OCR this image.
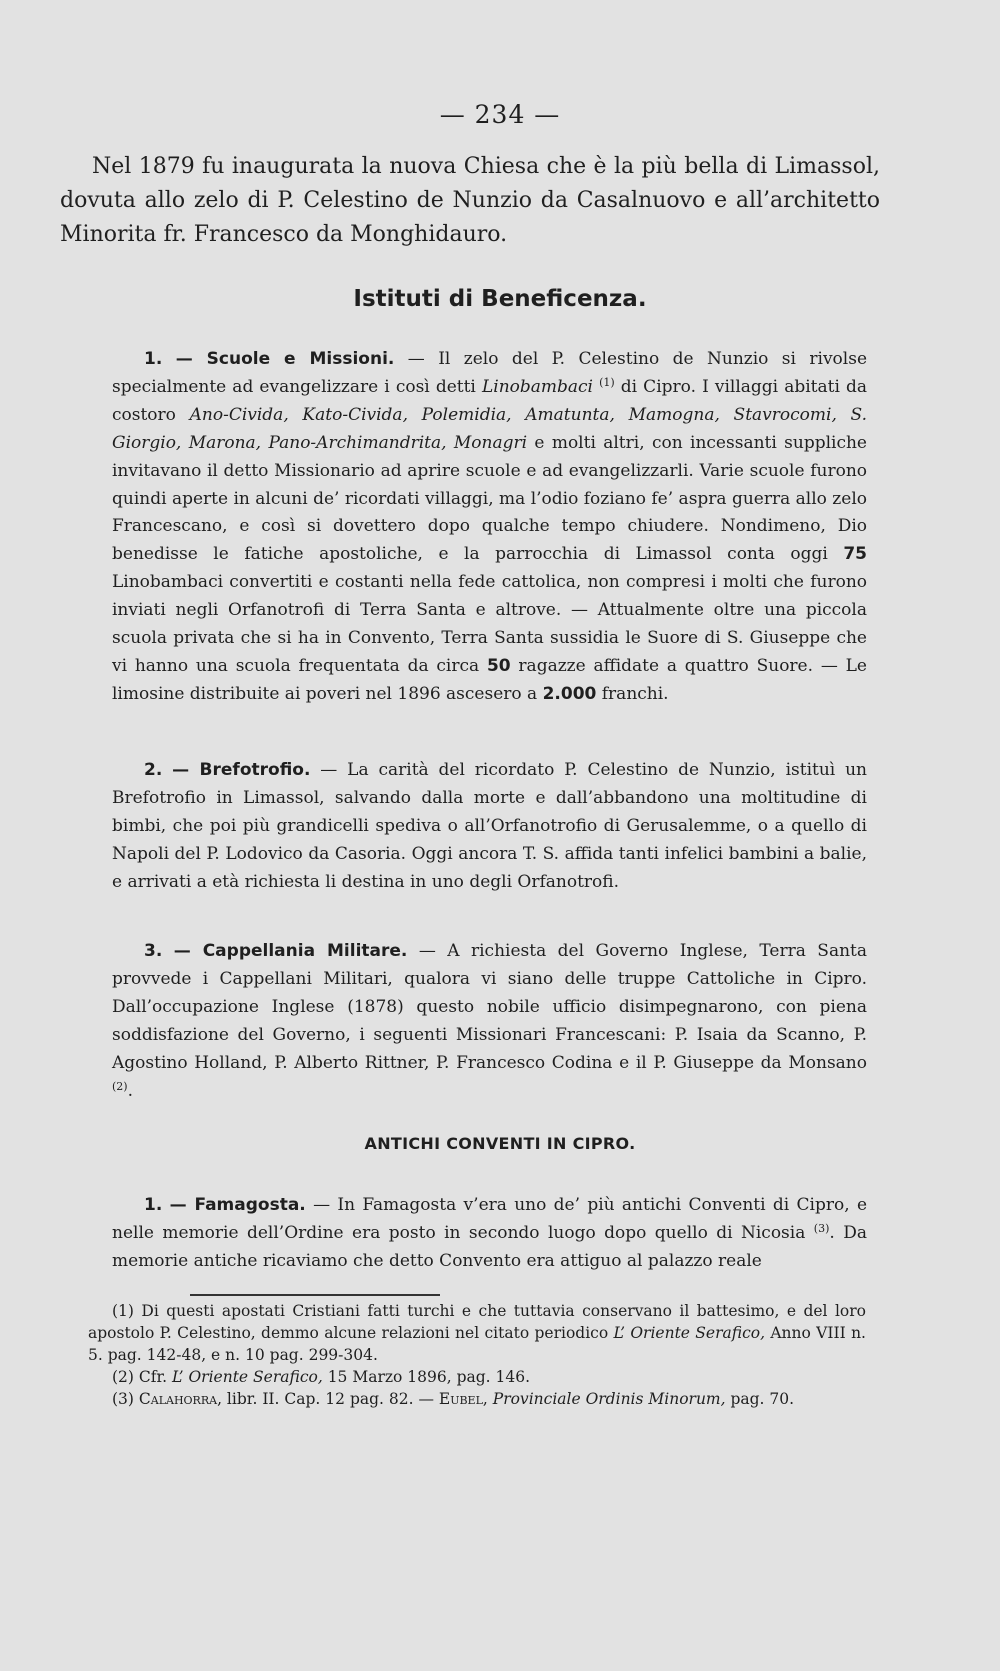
— 234 —
Nel 1879 fu inaugurata la nuova Chiesa che è la più bella di Limassol, dovuta allo zelo di P. Celestino de Nunzio da Casalnuovo e all’architetto Minorita fr. Francesco da Monghidauro.
Istituti di Beneficenza.
1. — Scuole e Missioni. — Il zelo del P. Celestino de Nunzio si rivolse specialmente ad evangelizzare i così detti Linobambaci $^{(1)}$ di Cipro. I villaggi abitati da costoro Ano-Civida, Kato-Civida, Polemidia, Amatunta, Mamogna, Stavrocomi, S. Giorgio, Marona, Pano-Archimandrita, Monagri e molti altri, con incessanti suppliche invitavano il detto Missionario ad aprire scuole e ad evangelizzarli. Varie scuole furono quindi aperte in alcuni de’ ricordati villaggi, ma l’odio foziano fe’ aspra guerra allo zelo Francescano, e così si dovettero dopo qualche tempo chiudere. Nondimeno, Dio benedisse le fatiche apostoliche, e la parrocchia di Limassol conta oggi 75 Linobambaci convertiti e costanti nella fede cattolica, non compresi i molti che furono inviati negli Orfanotrofi di Terra Santa e altrove. — Attualmente oltre una piccola scuola privata che si ha in Convento, Terra Santa sussidia le Suore di S. Giuseppe che vi hanno una scuola frequentata da circa 50 ragazze affidate a quattro Suore. — Le limosine distribuite ai poveri nel 1896 ascesero a 2.000 franchi.
2. — Brefotrofio. — La carità del ricordato P. Celestino de Nunzio, istituì un Brefotrofio in Limassol, salvando dalla morte e dall’abbandono una moltitudine di bimbi, che poi più grandicelli spediva o all’Orfanotrofio di Gerusalemme, o a quello di Napoli del P. Lodovico da Casoria. Oggi ancora T. S. affida tanti infelici bambini a balie, e arrivati a età richiesta li destina in uno degli Orfanotrofi.
3. — Cappellania Militare. — A richiesta del Governo Inglese, Terra Santa provvede i Cappellani Militari, qualora vi siano delle truppe Cattoliche in Cipro. Dall’occupazione Inglese (1878) questo nobile ufficio disimpegnarono, con piena soddisfazione del Governo, i seguenti Missionari Francescani: P. Isaia da Scanno, P. Agostino Holland, P. Alberto Rittner, P. Francesco Codina e il P. Giuseppe da Monsano $^{(2)}$.
ANTICHI CONVENTI IN CIPRO.
1. — Famagosta. — In Famagosta v’era uno de’ più antichi Conventi di Cipro, e nelle memorie dell’Ordine era posto in secondo luogo dopo quello di Nicosia $^{(3)}$. Da memorie antiche ricaviamo che detto Convento era attiguo al palazzo reale
(1) Di questi apostati Cristiani fatti turchi e che tuttavia conservano il battesimo, e del loro apostolo P. Celestino, demmo alcune relazioni nel citato periodico L’ Oriente Serafico, Anno VIII n. 5. pag. 142-48, e n. 10 pag. 299-304.
(2) Cfr. L’ Oriente Serafico, 15 Marzo 1896, pag. 146.
(3) Calahorra, libr. II. Cap. 12 pag. 82. — Eubel, Provinciale Ordinis Minorum, pag. 70.
